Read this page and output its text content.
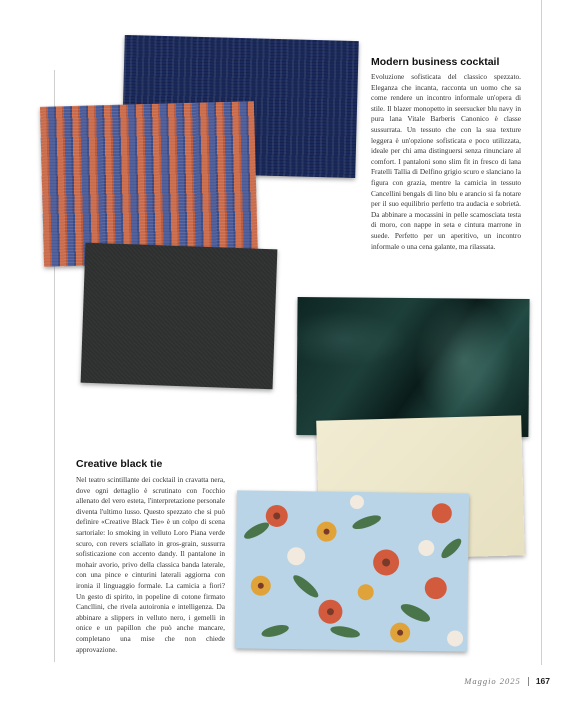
Modern business cocktail

Evoluzione sofisticata del classico spezzato. Eleganza che incanta, racconta un uomo che sa come rendere un incontro informale un'opera di stile. Il blazer monopetto in seersucker blu navy in pura lana Vitale Barberis Canonico è classe sussurrata. Un tessuto che con la sua texture leggera è un'opzione sofisticata e poco utilizzata, ideale per chi ama distinguersi senza rinunciare al comfort. I pantaloni sono slim fit in fresco di lana Fratelli Tallia di Delfino grigio scuro e slanciano la figura con grazia, mentre la camicia in tessuto Cancellini bengals di lino blu e arancio si fa notare per il suo equilibrio perfetto tra audacia e sobrietà. Da abbinare a mocassini in pelle scamosciata testa di moro, con nappe in seta e cintura marrone in suede. Perfetto per un aperitivo, un incontro informale o una cena galante, ma rilassata.

Creative black tie

Nel teatro scintillante dei cocktail in cravatta nera, dove ogni dettaglio è scrutinato con l'occhio allenato del vero esteta, l'interpretazione personale diventa l'ultimo lusso. Questo spezzato che si può definire «Creative Black Tie» è un colpo di scena sartoriale: lo smoking in velluto Loro Piana verde scuro, con revers sciallato in gros-grain, sussurra sofisticazione con accento dandy. Il pantalone in mohair avorio, privo della classica banda laterale, con una pince e cinturini laterali aggiorna con ironia il linguaggio formale. La camicia a fiori? Un gesto di spirito, in popeline di cotone firmato Cancllini, che rivela autoironia e intelligenza. Da abbinare a slippers in velluto nero, i gemelli in onice e un papillon che può anche mancare, completano una mise che non chiede approvazione.

Maggio 2025 167
